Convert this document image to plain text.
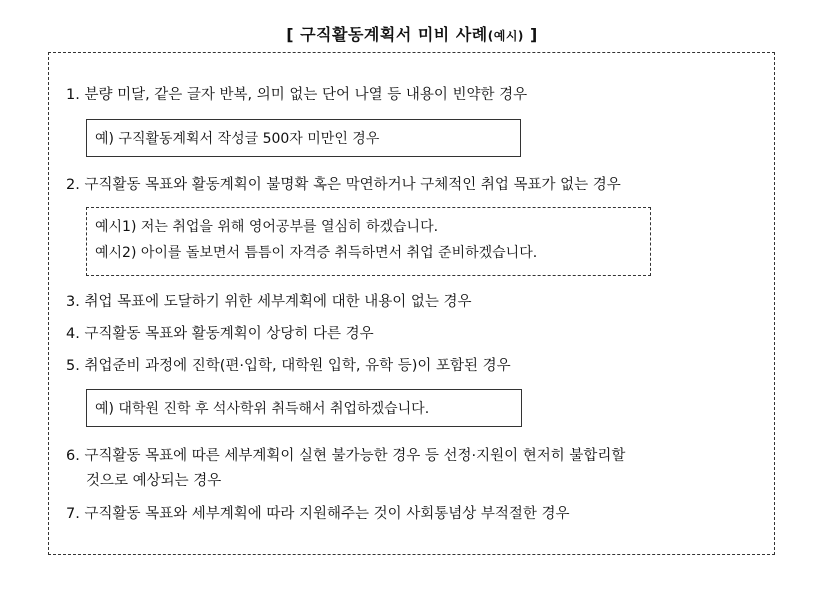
[ 구직활동계획서 미비 사례(예시) ]
1. 분량 미달, 같은 글자 반복, 의미 없는 단어 나열 등 내용이 빈약한 경우
예) 구직활동계획서 작성글 500자 미만인 경우
2. 구직활동 목표와 활동계획이 불명확 혹은 막연하거나 구체적인 취업 목표가 없는 경우
예시1) 저는 취업을 위해 영어공부를 열심히 하겠습니다.
예시2) 아이를 돌보면서 틈틈이 자격증 취득하면서 취업 준비하겠습니다.
3. 취업 목표에 도달하기 위한 세부계획에 대한 내용이 없는 경우
4. 구직활동 목표와 활동계획이 상당히 다른 경우
5. 취업준비 과정에 진학(편·입학, 대학원 입학, 유학 등)이 포함된 경우
예) 대학원 진학 후 석사학위 취득해서 취업하겠습니다.
6. 구직활동 목표에 따른 세부계획이 실현 불가능한 경우 등 선정·지원이 현저히 불합리할
것으로 예상되는 경우
7. 구직활동 목표와 세부계획에 따라 지원해주는 것이 사회통념상 부적절한 경우
